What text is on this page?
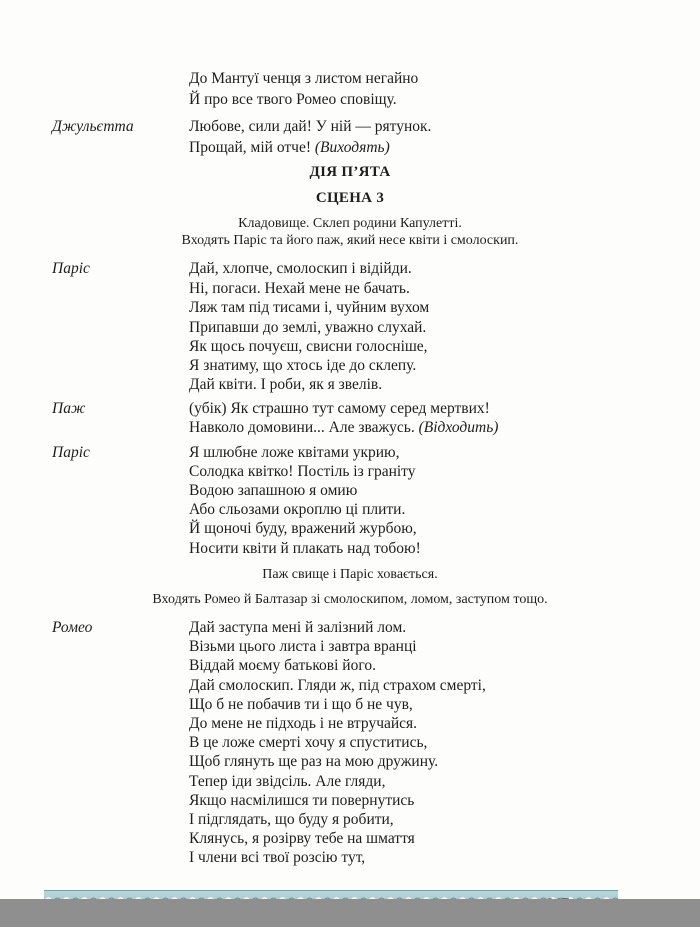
До Мантуї ченця з листом негайно
Й про все твого Ромео сповіщу.
Джульєтта	Любове, сили дай! У ній — рятунок.
Прощай, мій отче! (Виходять)
ДІЯ П’ЯТА
СЦЕНА 3
Кладовище. Склеп родини Капулетті.
Входять Паріс та його паж, який несе квіти і смолоскип.
Паріс	Дай, хлопче, смолоскип і відійди.
Ні, погаси. Нехай мене не бачать.
Ляж там під тисами і, чуйним вухом
Припавши до землі, уважно слухай.
Як щось почуєш, свисни голосніше,
Я знатиму, що хтось іде до склепу.
Дай квіти. І роби, як я звелів.
Паж	(убік) Як страшно тут самому серед мертвих!
Навколо домовини... Але зважусь. (Відходить)
Паріс	Я шлюбне ложе квітами укрию,
Солодка квітко! Постіль із граніту
Водою запашною я омию
Або сльозами окроплю ці плити.
Й щоночі буду, вражений журбою,
Носити квіти й плакать над тобою!
Паж свище і Паріс ховається.
Входять Ромео й Балтазар зі смолоскипом, ломом, заступом тощо.
Ромео	Дай заступа мені й залізний лом.
Візьми цього листа і завтра вранці
Віддай моєму батькові його.
Дай смолоскип. Гляди ж, під страхом смерті,
Що б не побачив ти і що б не чув,
До мене не підходь і не втручайся.
В це ложе смерті хочу я спуститись,
Щоб глянуть ще раз на мою дружину.
Тепер іди звідсіль. Але гляди,
Якщо насмілишся ти повернутись
І підглядать, що буду я робити,
Клянусь, я розірву тебе на шмаття
І члени всі твої розсію тут,
